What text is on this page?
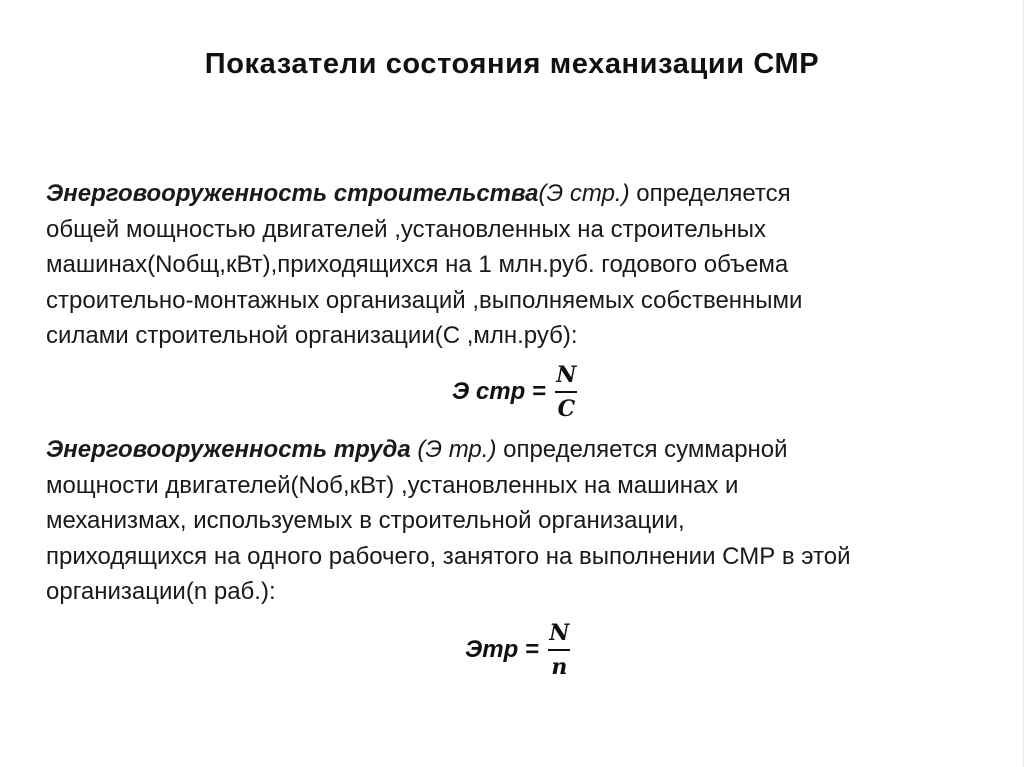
Показатели состояния механизации СМР
Энерговооруженность строительства(Э стр.) определяется
общей мощностью двигателей ,установленных на строительных
машинах(Nобщ,кВт),приходящихся на 1 млн.руб. годового объема
строительно-монтажных организаций ,выполняемых собственными
силами строительной организации(С ,млн.руб):
Э стр = $\frac{N}{C}$
Энерговооруженность труда (Э тр.) определяется суммарной
мощности двигателей(Nоб,кВт) ,установленных на машинах и
механизмах, используемых в строительной организации,
приходящихся на одного рабочего, занятого на выполнении СМР в этой
организации(n раб.):
Этр = $\frac{N}{n}$
